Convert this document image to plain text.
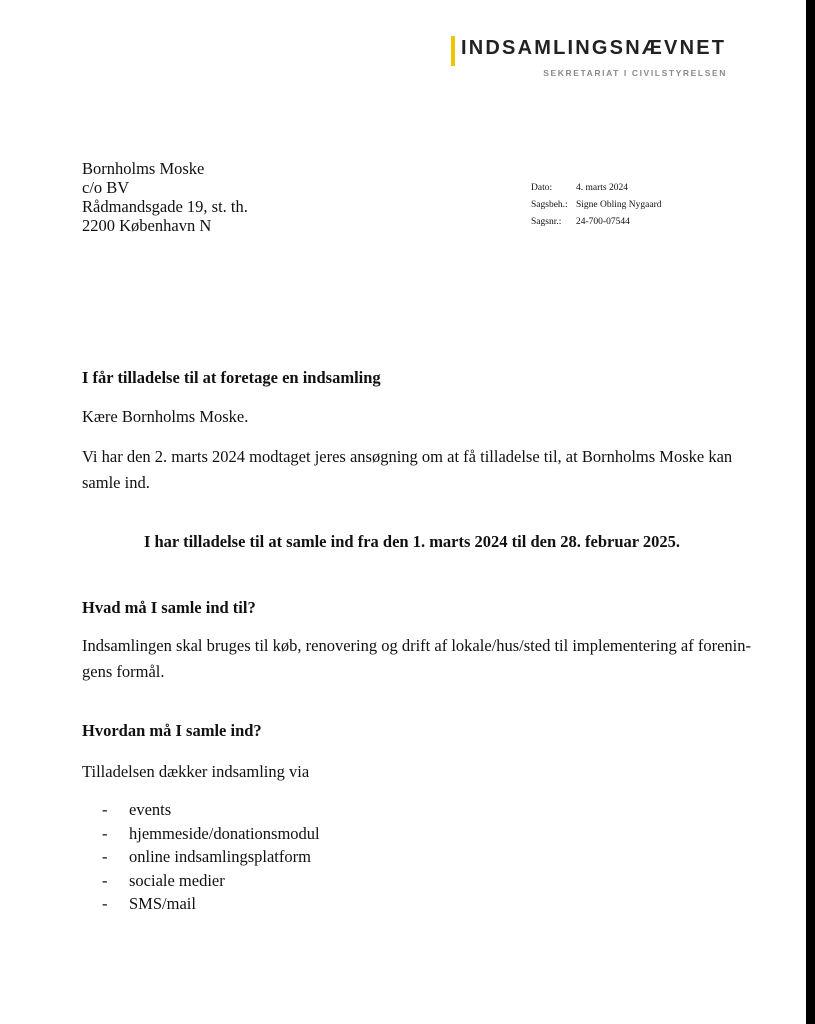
INDSAMLINGSNÆVNET
SEKRETARIAT I CIVILSTYRELSEN
Bornholms Moske
c/o BV
Rådmandsgade 19, st. th.
2200 København N
Dato:	4. marts 2024
Sagsbeh.: Signe Obling Nygaard
Sagsnr.:	24-700-07544
I får tilladelse til at foretage en indsamling
Kære Bornholms Moske.
Vi har den 2. marts 2024 modtaget jeres ansøgning om at få tilladelse til, at Bornholms Moske kan
samle ind.
I har tilladelse til at samle ind fra den 1. marts 2024 til den 28. februar 2025.
Hvad må I samle ind til?
Indsamlingen skal bruges til køb, renovering og drift af lokale/hus/sted til implementering af forenin-
gens formål.
Hvordan må I samle ind?
Tilladelsen dækker indsamling via
-	events
-	hjemmeside/donationsmodul
-	online indsamlingsplatform
-	sociale medier
-	SMS/mail
